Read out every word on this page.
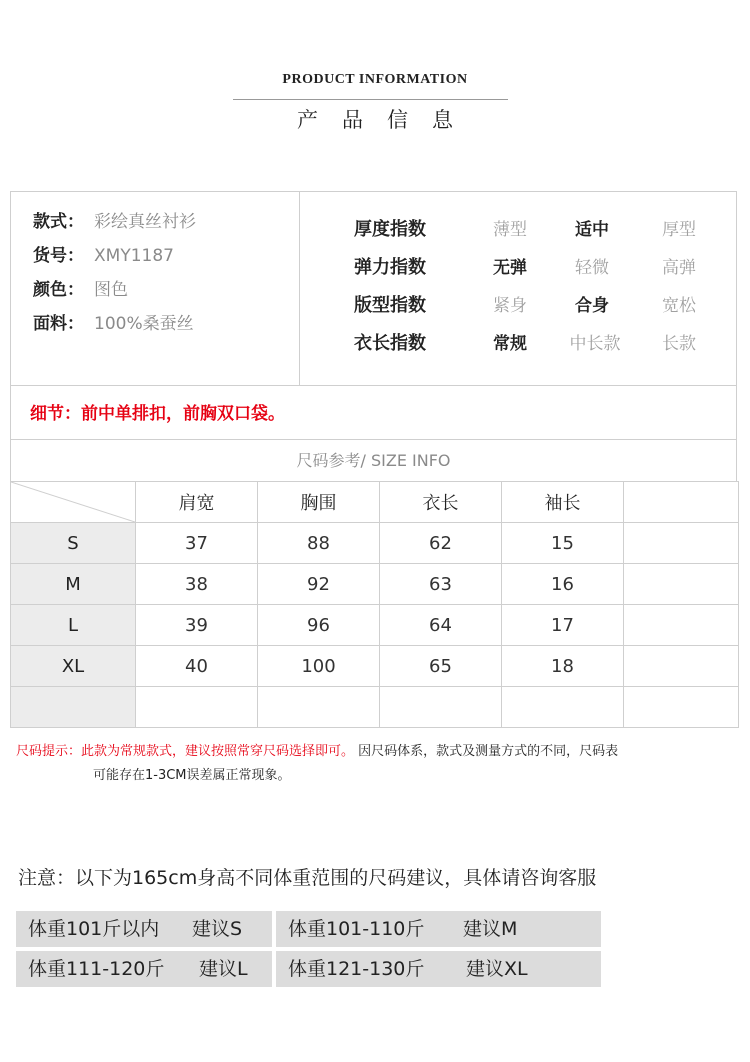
PRODUCT INFORMATION
产品信息
款式： 彩绘真丝衬衫
货号： XMY1187
颜色： 图色
面料： 100%桑蚕丝
厚度指数	薄型	适中	厚型
弹力指数	无弹	轻微	高弹
版型指数	紧身	合身	宽松
衣长指数	常规	中长款	长款
细节：前中单排扣，前胸双口袋。
尺码参考/ SIZE INFO
	肩宽	胸围	衣长	袖长	
S	37	88	62	15	
M	38	92	63	16	
L	39	96	64	17	
XL	40	100	65	18	

尺码提示：此款为常规款式，建议按照常穿尺码选择即可。 因尺码体系，款式及测量方式的不同，尺码表
可能存在1-3CM误差属正常现象。
注意：以下为165cm身高不同体重范围的尺码建议，具体请咨询客服
体重101斤以内 建议S 体重101-110斤 建议M
体重111-120斤 建议L 体重121-130斤 建议XL
